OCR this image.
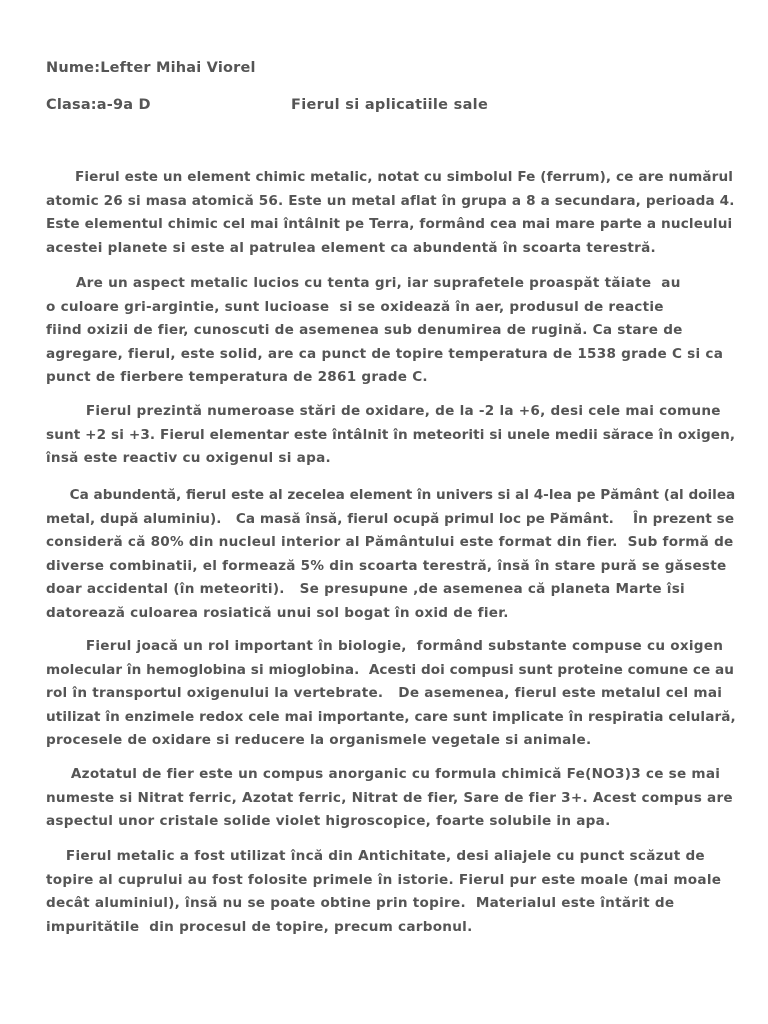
Nume:Lefter Mihai Viorel
Clasa:a-9a D	Fierul si aplicatiile sale
Fierul este un element chimic metalic, notat cu simbolul Fe (ferrum), ce are numărul
atomic 26 si masa atomică 56. Este un metal aflat în grupa a 8 a secundara, perioada 4.
Este elementul chimic cel mai întâlnit pe Terra, formând cea mai mare parte a nucleului
acestei planete si este al patrulea element ca abundentă în scoarta terestră.
Are un aspect metalic lucios cu tenta gri, iar suprafetele proaspăt tăiate  au
o culoare gri-argintie, sunt lucioase  si se oxidează în aer, produsul de reactie
fiind oxizii de fier, cunoscuti de asemenea sub denumirea de rugină. Ca stare de
agregare, fierul, este solid, are ca punct de topire temperatura de 1538 grade C si ca
punct de fierbere temperatura de 2861 grade C.
Fierul prezintă numeroase stări de oxidare, de la -2 la +6, desi cele mai comune
sunt +2 si +3. Fierul elementar este întâlnit în meteoriti si unele medii sărace în oxigen,
însă este reactiv cu oxigenul si apa.
Ca abundentă, fierul este al zecelea element în univers si al 4-lea pe Pământ (al doilea
metal, după aluminiu).   Ca masă însă, fierul ocupă primul loc pe Pământ.    În prezent se
consideră că 80% din nucleul interior al Pământului este format din fier.  Sub formă de
diverse combinatii, el formează 5% din scoarta terestră, însă în stare pură se găseste
doar accidental (în meteoriti).   Se presupune ,de asemenea că planeta Marte îsi
datorează culoarea rosiatică unui sol bogat în oxid de fier.
Fierul joacă un rol important în biologie,  formând substante compuse cu oxigen
molecular în hemoglobina si mioglobina.  Acesti doi compusi sunt proteine comune ce au
rol în transportul oxigenului la vertebrate.   De asemenea, fierul este metalul cel mai
utilizat în enzimele redox cele mai importante, care sunt implicate în respiratia celulară,
procesele de oxidare si reducere la organismele vegetale si animale.
Azotatul de fier este un compus anorganic cu formula chimică Fe(NO3)3 ce se mai
numeste si Nitrat ferric, Azotat ferric, Nitrat de fier, Sare de fier 3+. Acest compus are
aspectul unor cristale solide violet higroscopice, foarte solubile in apa.
Fierul metalic a fost utilizat încă din Antichitate, desi aliajele cu punct scăzut de
topire al cuprului au fost folosite primele în istorie. Fierul pur este moale (mai moale
decât aluminiul), însă nu se poate obtine prin topire.  Materialul este întărit de
impuritătile  din procesul de topire, precum carbonul.
